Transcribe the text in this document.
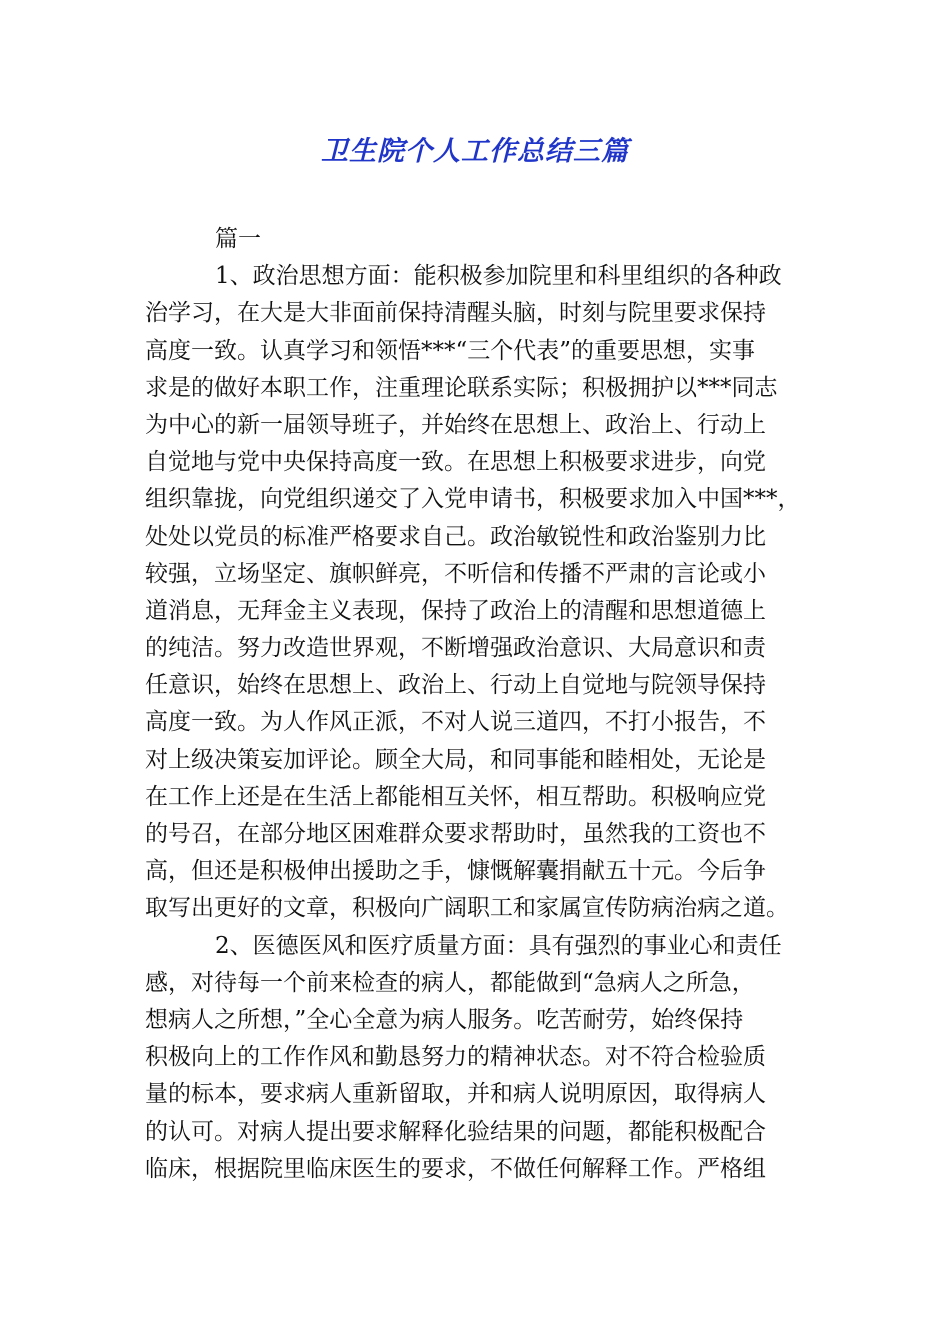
卫生院个人工作总结三篇
篇一
1、政治思想方面：能积极参加院里和科里组织的各种政
治学习，在大是大非面前保持清醒头脑，时刻与院里要求保持
高度一致。认真学习和领悟***“三个代表”的重要思想，实事
求是的做好本职工作，注重理论联系实际；积极拥护以***同志
为中心的新一届领导班子，并始终在思想上、政治上、行动上
自觉地与党中央保持高度一致。在思想上积极要求进步，向党
组织靠拢，向党组织递交了入党申请书，积极要求加入中国***，
处处以党员的标准严格要求自己。政治敏锐性和政治鉴别力比
较强，立场坚定、旗帜鲜亮，不听信和传播不严肃的言论或小
道消息，无拜金主义表现，保持了政治上的清醒和思想道德上
的纯洁。努力改造世界观，不断增强政治意识、大局意识和责
任意识，始终在思想上、政治上、行动上自觉地与院领导保持
高度一致。为人作风正派，不对人说三道四，不打小报告，不
对上级决策妄加评论。顾全大局，和同事能和睦相处，无论是
在工作上还是在生活上都能相互关怀，相互帮助。积极响应党
的号召，在部分地区困难群众要求帮助时，虽然我的工资也不
高，但还是积极伸出援助之手，慷慨解囊捐献五十元。今后争
取写出更好的文章，积极向广阔职工和家属宣传防病治病之道。
2、医德医风和医疗质量方面：具有强烈的事业心和责任
感，对待每一个前来检查的病人，都能做到“急病人之所急，
想病人之所想，”全心全意为病人服务。吃苦耐劳，始终保持
积极向上的工作作风和勤恳努力的精神状态。对不符合检验质
量的标本，要求病人重新留取，并和病人说明原因，取得病人
的认可。对病人提出要求解释化验结果的问题，都能积极配合
临床，根据院里临床医生的要求，不做任何解释工作。严格组
